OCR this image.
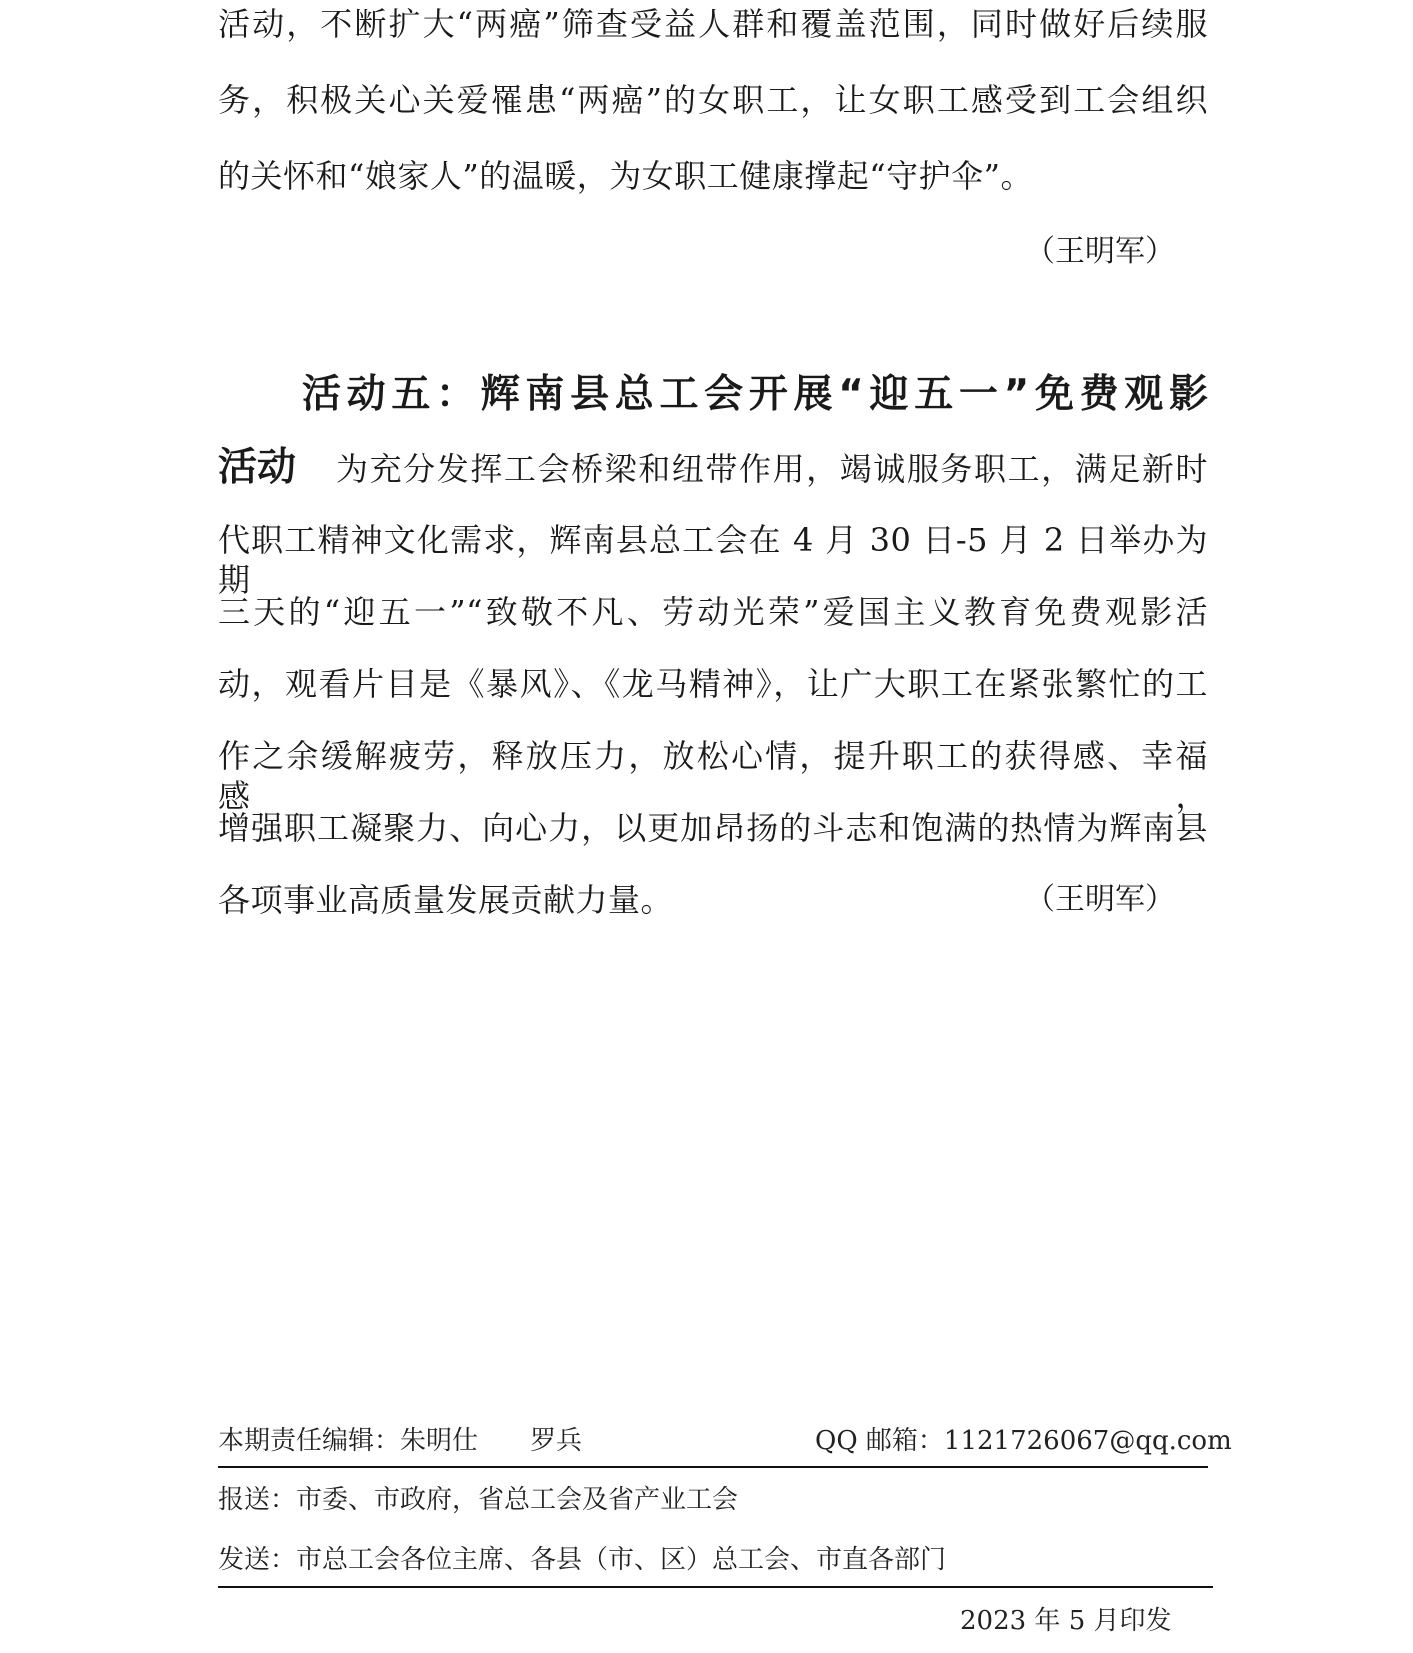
活动，不断扩大“两癌”筛查受益人群和覆盖范围，同时做好后续服
务，积极关心关爱罹患“两癌”的女职工，让女职工感受到工会组织
的关怀和“娘家人”的温暖，为女职工健康撑起“守护伞”。
（王明军）
活动五：辉南县总工会开展“迎五一”免费观影
活动 为充分发挥工会桥梁和纽带作用，竭诚服务职工，满足新时
代职工精神文化需求，辉南县总工会在 4 月 30 日-5 月 2 日举办为期
三天的“迎五一”“致敬不凡、劳动光荣”爱国主义教育免费观影活
动，观看片目是《暴风》、《龙马精神》，让广大职工在紧张繁忙的工
作之余缓解疲劳，释放压力，放松心情，提升职工的获得感、幸福感，
增强职工凝聚力、向心力，以更加昂扬的斗志和饱满的热情为辉南县
各项事业高质量发展贡献力量。	（王明军）
本期责任编辑：朱明仕　　罗兵	QQ 邮箱：1121726067@qq.com
报送：市委、市政府，省总工会及省产业工会
发送：市总工会各位主席、各县（市、区）总工会、市直各部门
2023 年 5 月印发
